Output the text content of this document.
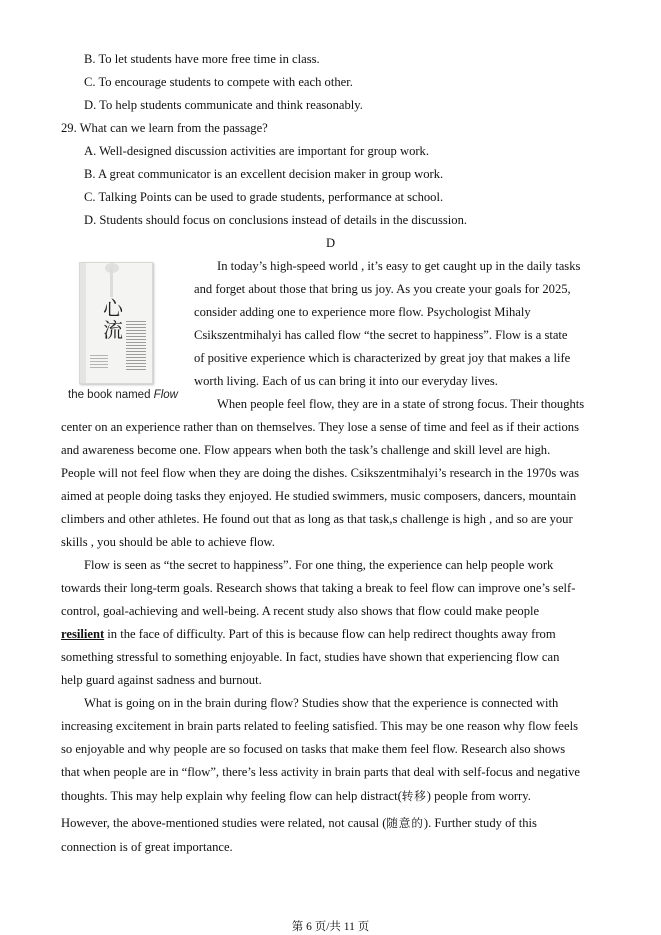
B. To let students have more free time in class.
C. To encourage students to compete with each other.
D. To help students communicate and think reasonably.
29. What can we learn from the passage?
A. Well-designed discussion activities are important for group work.
B. A great communicator is an excellent decision maker in group work.
C. Talking Points can be used to grade students, performance at school.
D. Students should focus on conclusions instead of details in the discussion.
D
心流
the book named Flow
In today’s high-speed world , it’s easy to get caught up in the daily tasks
and forget about those that bring us joy. As you create your goals for 2025,
consider adding one to experience more flow. Psychologist Mihaly
Csikszentmihalyi has called flow “the secret to happiness”. Flow is a state
of positive experience which is characterized by great joy that makes a life
worth living. Each of us can bring it into our everyday lives.
When people feel flow, they are in a state of strong focus. Their thoughts
center on an experience rather than on themselves. They lose a sense of time and feel as if their actions
and awareness become one. Flow appears when both the task’s challenge and skill level are high.
People will not feel flow when they are doing the dishes. Csikszentmihalyi’s research in the 1970s was
aimed at people doing tasks they enjoyed. He studied swimmers, music composers, dancers, mountain
climbers and other athletes. He found out that as long as that task,s challenge is high , and so are your
skills , you should be able to achieve flow.
Flow is seen as “the secret to happiness”. For one thing, the experience can help people work
towards their long-term goals. Research shows that taking a break to feel flow can improve one’s self-
control, goal-achieving and well-being. A recent study also shows that flow could make people
resilient in the face of difficulty. Part of this is because flow can help redirect thoughts away from
something stressful to something enjoyable. In fact, studies have shown that experiencing flow can
help guard against sadness and burnout.
What is going on in the brain during flow? Studies show that the experience is connected with
increasing excitement in brain parts related to feeling satisfied. This may be one reason why flow feels
so enjoyable and why people are so focused on tasks that make them feel flow. Research also shows
that when people are in “flow”, there’s less activity in brain parts that deal with self-focus and negative
thoughts. This may help explain why feeling flow can help distract(转移) people from worry.
However, the above-mentioned studies were related, not causal (随意的). Further study of this
connection is of great importance.
第 6 页/共 11 页
